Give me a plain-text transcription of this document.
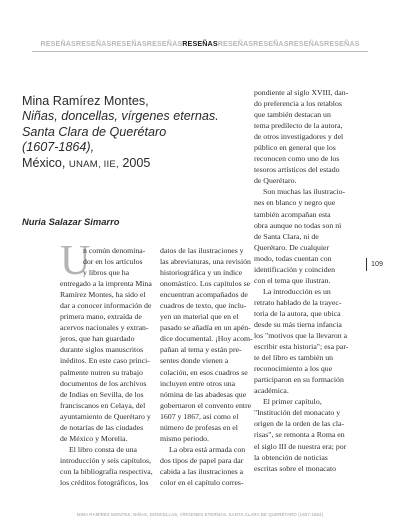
RESEÑASRESEÑASRESEÑASRESEÑASRESEÑASRESEÑASRESEÑASRESEÑASRESEÑAS
Mina Ramírez Montes,
Niñas, doncellas, vírgenes eternas.
Santa Clara de Querétaro
(1607-1864),
México, UNAM, IIE, 2005
Nuria Salazar Simarro
U
n común denomina-
dor en los artículos
y libros que ha
entregado a la imprenta Mina
Ramírez Montes, ha sido el
dar a conocer información de
primera mano, extraída de
acervos nacionales y extran-
jeros, que han guardado
durante siglos manuscritos
inéditos. En este caso princi-
palmente nutren su trabajo
documentos de los archivos
de Indias en Sevilla, de los
franciscanos en Celaya, del
ayuntamiento de Querétaro y
de notarías de las ciudades
de México y Morelia.
El libro consta de una
introducción y seis capítulos,
con la bibliografía respectiva,
los créditos fotográficos, los
datos de las ilustraciones y
las abreviaturas, una revisión
historiográfica y un índice
onomástico. Los capítulos se
encuentran acompañados de
cuadros de texto, que inclu-
yen un material que en el
pasado se añadía en un apén-
dice documental. ¡Hoy acom-
pañan al tema y están pre-
sentes donde vienen a
colación, en esos cuadros se
incluyen entre otros una
nómina de las abadesas que
gobernaron el convento entre
1607 y 1867, así como el
número de profesas en el
mismo periodo.
La obra está armada con
dos tipos de papel para dar
cabida a las ilustraciones a
color en el capítulo corres-
pondiente al siglo XVIII, dan-
do preferencia a los retablos
que también destacan un
tema predilecto de la autora,
de otros investigadores y del
público en general que los
reconocen como uno de los
tesoros artísticos del estado
de Querétaro.
Son muchas las ilustracio-
nes en blanco y negro que
también acompañan esta
obra aunque no todas son ni
de Santa Clara, ni de
Querétaro. De cualquier
modo, todas cuentan con
identificación y coinciden
con el tema que ilustran.
La introducción es un
retrato hablado de la trayec-
toria de la autora, que ubica
desde su más tierna infancia
los "motivos que la llevaron a
escribir esta historia"; esa par-
te del libro es también un
reconocimiento a los que
participaron en su formación
académica.
El primer capítulo,
"Institución del monacato y
origen de la orden de las cla-
risas", se remonta a Roma en
el siglo III de nuestra era; por
la obtención de noticias
escritas sobre el monacato
109
MINA RAMÍREZ MONTES, NIÑAS, DONCELLAS, VÍRGENES ETERNAS. SANTA CLARA DE QUERÉTARO (1607-1864)
